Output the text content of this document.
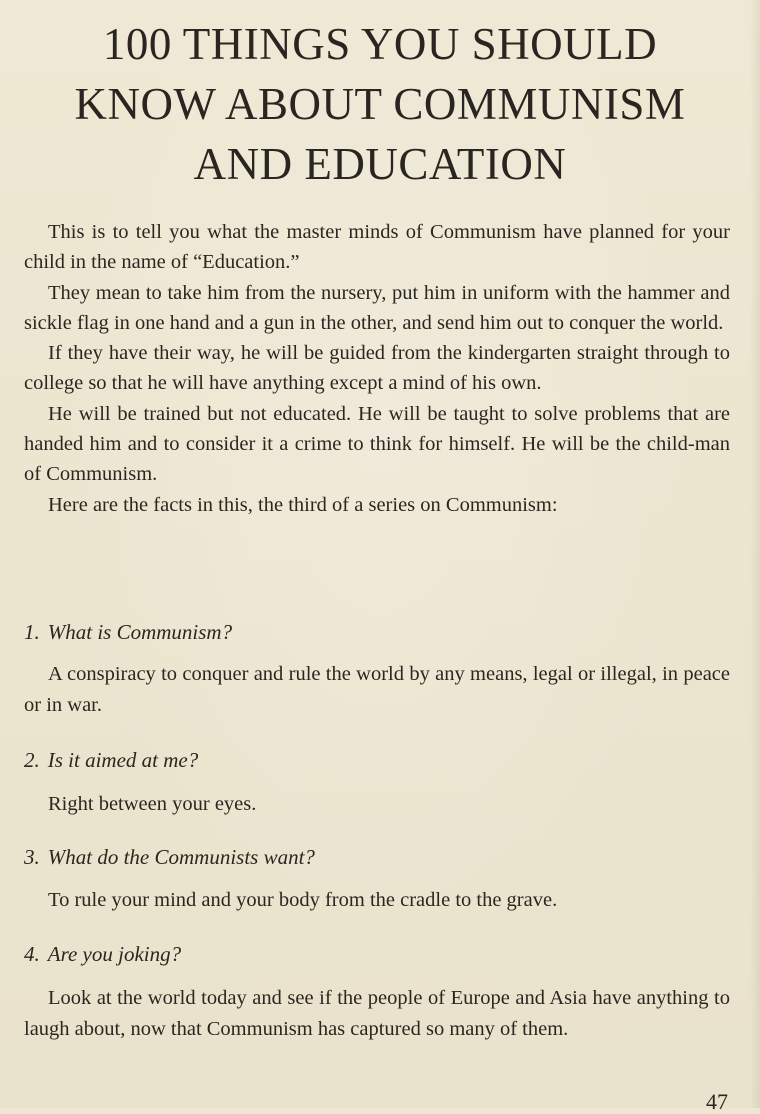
100 THINGS YOU SHOULD
KNOW ABOUT COMMUNISM
AND EDUCATION

This is to tell you what the master minds of Communism have planned for your child in the name of “Education.”

They mean to take him from the nursery, put him in uniform with the hammer and sickle flag in one hand and a gun in the other, and send him out to conquer the world.

If they have their way, he will be guided from the kindergarten straight through to college so that he will have anything except a mind of his own.

He will be trained but not educated. He will be taught to solve problems that are handed him and to consider it a crime to think for himself. He will be the child-man of Communism.

Here are the facts in this, the third of a series on Communism:

1. What is Communism?

A conspiracy to conquer and rule the world by any means, legal or illegal, in peace or in war.

2. Is it aimed at me?

Right between your eyes.

3. What do the Communists want?

To rule your mind and your body from the cradle to the grave.

4. Are you joking?

Look at the world today and see if the people of Europe and Asia have anything to laugh about, now that Communism has captured so many of them.

47
